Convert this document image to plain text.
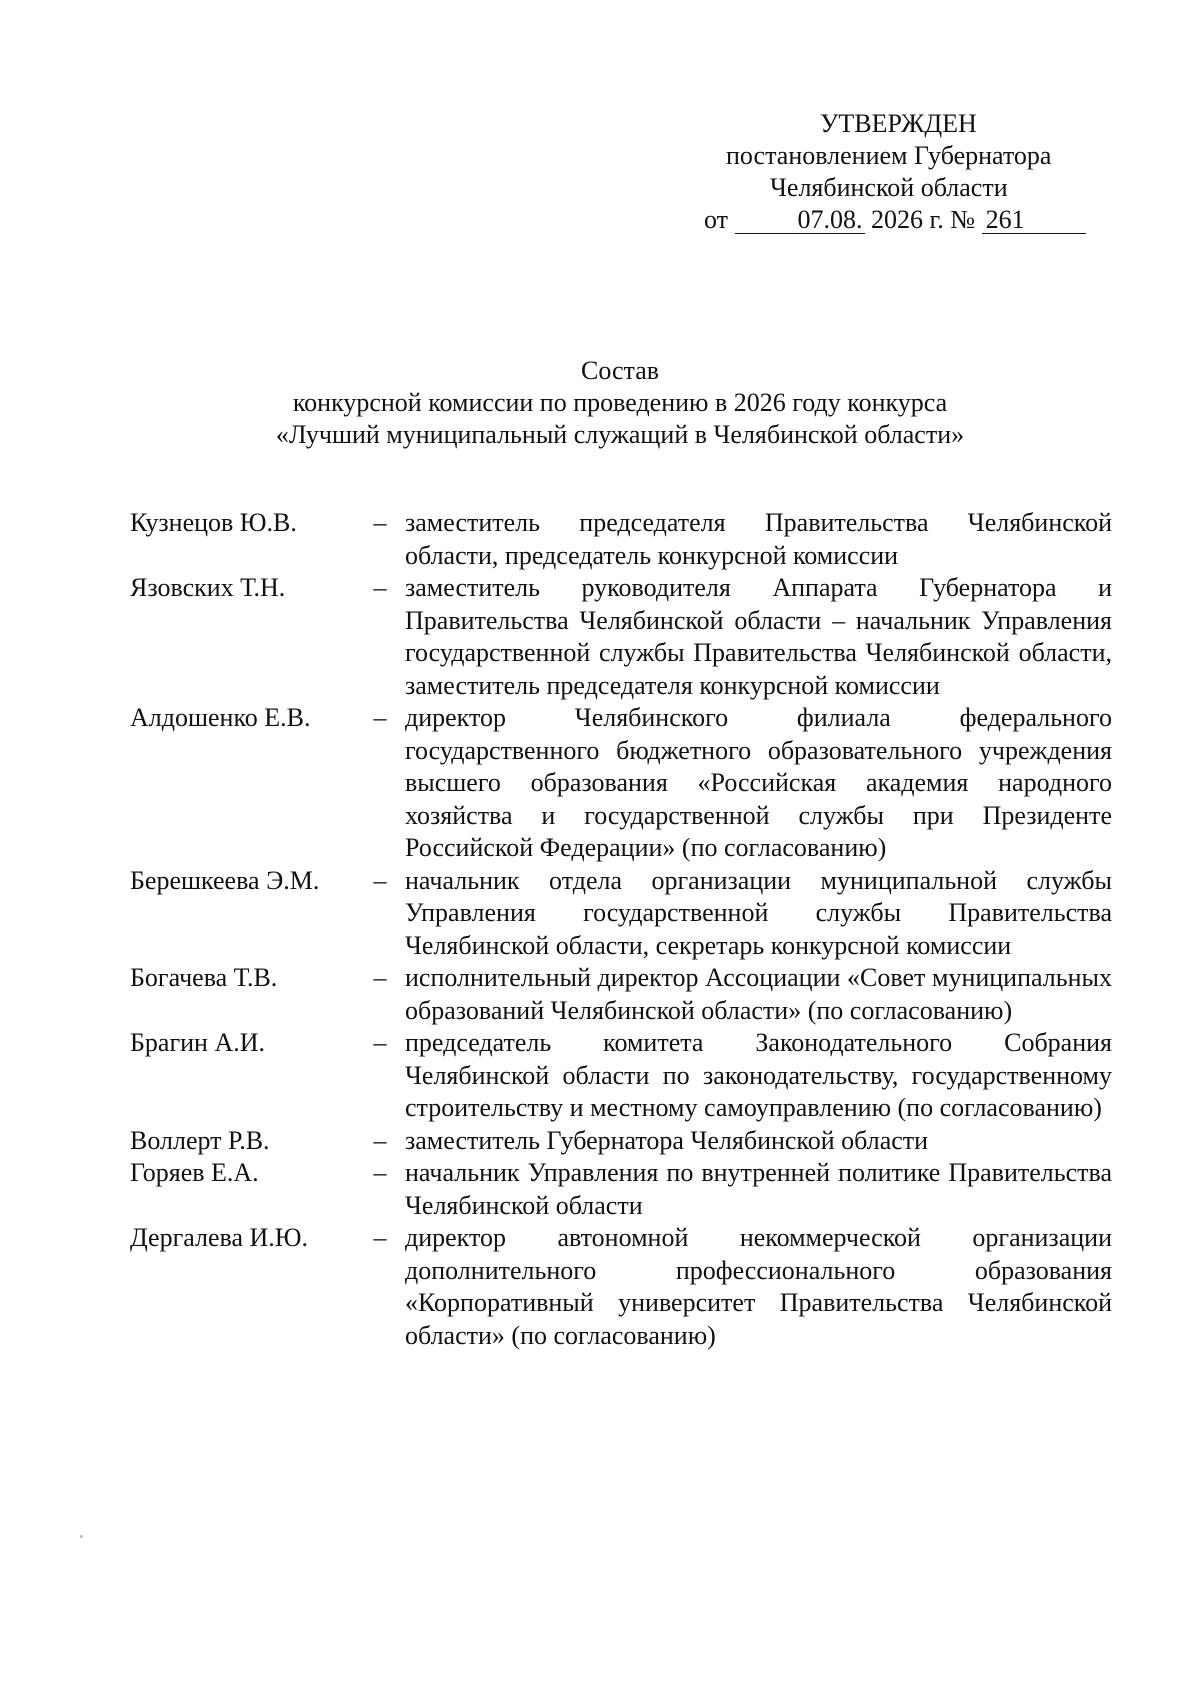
УТВЕРЖДЕН
постановлением Губернатора
Челябинской области
от	07.08. 2026 г. № 261
Состав
конкурсной комиссии по проведению в 2026 году конкурса
«Лучший муниципальный служащий в Челябинской области»
Кузнецов Ю.В.	– заместитель председателя Правительства Челябинской области, председатель конкурсной комиссии
Язовских Т.Н.	– заместитель руководителя Аппарата Губернатора и Правительства Челябинской области – начальник Управления государственной службы Правительства Челябинской области, заместитель председателя конкурсной комиссии
Алдошенко Е.В.	– директор Челябинского филиала федерального государственного бюджетного образовательного учреждения высшего образования «Российская академия народного хозяйства и государственной службы при Президенте Российской Федерации» (по согласованию)
Берешкеева Э.М.	– начальник отдела организации муниципальной службы Управления государственной службы Правительства Челябинской области, секретарь конкурсной комиссии
Богачева Т.В.	– исполнительный директор Ассоциации «Совет муниципальных образований Челябинской области» (по согласованию)
Брагин А.И.	– председатель комитета Законодательного Собрания Челябинской области по законодательству, государственному строительству и местному самоуправлению (по согласованию)
Воллерт Р.В.	– заместитель Губернатора Челябинской области
Горяев Е.А.	– начальник Управления по внутренней политике Правительства Челябинской области
Дергалева И.Ю.	– директор автономной некоммерческой организации дополнительного профессионального образования «Корпоративный университет Правительства Челябинской области» (по согласованию)
